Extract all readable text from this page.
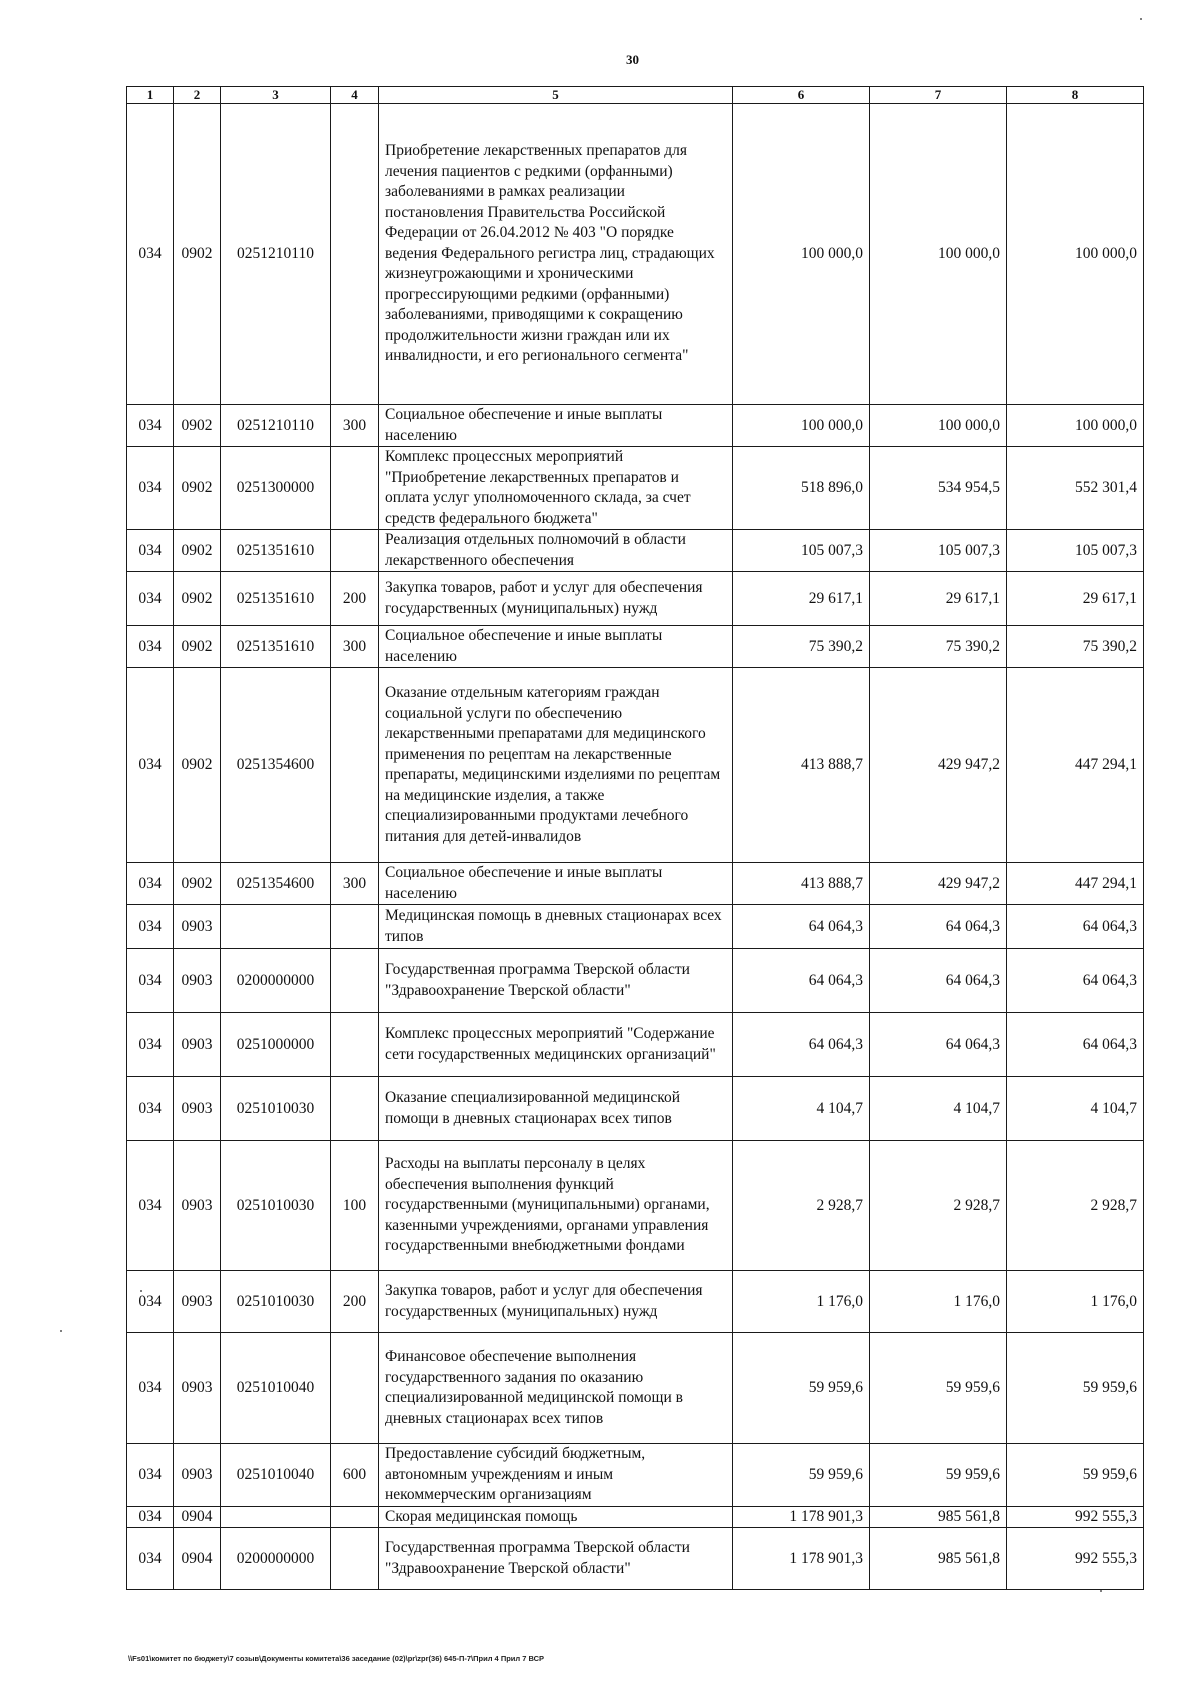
30
1	2	3	4	5	6	7	8
034	0902	0251210110		Приобретение лекарственных препаратов для лечения пациентов с редкими (орфанными) заболеваниями в рамках реализации постановления Правительства Российской Федерации от 26.04.2012 № 403 "О порядке ведения Федерального регистра лиц, страдающих жизнеугрожающими и хроническими прогрессирующими редкими (орфанными) заболеваниями, приводящими к сокращению продолжительности жизни граждан или их инвалидности, и его регионального сегмента"	100 000,0	100 000,0	100 000,0
034	0902	0251210110	300	Социальное обеспечение и иные выплаты населению	100 000,0	100 000,0	100 000,0
034	0902	0251300000		Комплекс процессных мероприятий "Приобретение лекарственных препаратов и оплата услуг уполномоченного склада, за счет средств федерального бюджета"	518 896,0	534 954,5	552 301,4
034	0902	0251351610		Реализация отдельных полномочий в области лекарственного обеспечения	105 007,3	105 007,3	105 007,3
034	0902	0251351610	200	Закупка товаров, работ и услуг для обеспечения государственных (муниципальных) нужд	29 617,1	29 617,1	29 617,1
034	0902	0251351610	300	Социальное обеспечение и иные выплаты населению	75 390,2	75 390,2	75 390,2
034	0902	0251354600		Оказание отдельным категориям граждан социальной услуги по обеспечению лекарственными препаратами для медицинского применения по рецептам на лекарственные препараты, медицинскими изделиями по рецептам на медицинские изделия, а также специализированными продуктами лечебного питания для детей-инвалидов	413 888,7	429 947,2	447 294,1
034	0902	0251354600	300	Социальное обеспечение и иные выплаты населению	413 888,7	429 947,2	447 294,1
034	0903			Медицинская помощь в дневных стационарах всех типов	64 064,3	64 064,3	64 064,3
034	0903	0200000000		Государственная программа Тверской области "Здравоохранение Тверской области"	64 064,3	64 064,3	64 064,3
034	0903	0251000000		Комплекс процессных мероприятий "Содержание сети государственных медицинских организаций"	64 064,3	64 064,3	64 064,3
034	0903	0251010030		Оказание специализированной медицинской помощи в дневных стационарах всех типов	4 104,7	4 104,7	4 104,7
034	0903	0251010030	100	Расходы на выплаты персоналу в целях обеспечения выполнения функций государственными (муниципальными) органами, казенными учреждениями, органами управления государственными внебюджетными фондами	2 928,7	2 928,7	2 928,7
034	0903	0251010030	200	Закупка товаров, работ и услуг для обеспечения государственных (муниципальных) нужд	1 176,0	1 176,0	1 176,0
034	0903	0251010040		Финансовое обеспечение выполнения государственного задания по оказанию специализированной медицинской помощи в дневных стационарах всех типов	59 959,6	59 959,6	59 959,6
034	0903	0251010040	600	Предоставление субсидий бюджетным, автономным учреждениям и иным некоммерческим организациям	59 959,6	59 959,6	59 959,6
034	0904			Скорая медицинская помощь	1 178 901,3	985 561,8	992 555,3
034	0904	0200000000		Государственная программа Тверской области "Здравоохранение Тверской области"	1 178 901,3	985 561,8	992 555,3
\\Fs01\комитет по бюджету\7 созыв\Документы комитета\36 заседание (02)\pr\zpr(36) 645-П-7\Прил 4 Прил 7 ВСР
